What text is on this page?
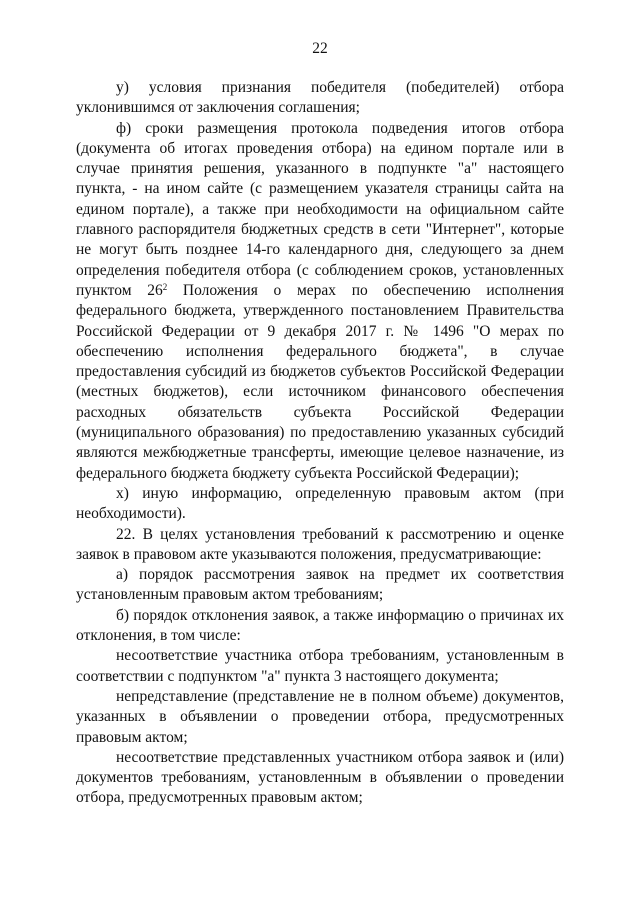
22

у) условия признания победителя (победителей) отбора уклонившимся от заключения соглашения;

ф) сроки размещения протокола подведения итогов отбора (документа об итогах проведения отбора) на едином портале или в случае принятия решения, указанного в подпункте "а" настоящего пункта, - на ином сайте (с размещением указателя страницы сайта на едином портале), а также при необходимости на официальном сайте главного распорядителя бюджетных средств в сети "Интернет", которые не могут быть позднее 14-го календарного дня, следующего за днем определения победителя отбора (с соблюдением сроков, установленных пунктом $26^2$ Положения о мерах по обеспечению исполнения федерального бюджета, утвержденного постановлением Правительства Российской Федерации от 9 декабря 2017 г. № 1496 "О мерах по обеспечению исполнения федерального бюджета", в случае предоставления субсидий из бюджетов субъектов Российской Федерации (местных бюджетов), если источником финансового обеспечения расходных обязательств субъекта Российской Федерации (муниципального образования) по предоставлению указанных субсидий являются межбюджетные трансферты, имеющие целевое назначение, из федерального бюджета бюджету субъекта Российской Федерации);

х) иную информацию, определенную правовым актом (при необходимости).

22. В целях установления требований к рассмотрению и оценке заявок в правовом акте указываются положения, предусматривающие:

а) порядок рассмотрения заявок на предмет их соответствия установленным правовым актом требованиям;

б) порядок отклонения заявок, а также информацию о причинах их отклонения, в том числе:

несоответствие участника отбора требованиям, установленным в соответствии с подпунктом "а" пункта 3 настоящего документа;

непредставление (представление не в полном объеме) документов, указанных в объявлении о проведении отбора, предусмотренных правовым актом;

несоответствие представленных участником отбора заявок и (или) документов требованиям, установленным в объявлении о проведении отбора, предусмотренных правовым актом;
